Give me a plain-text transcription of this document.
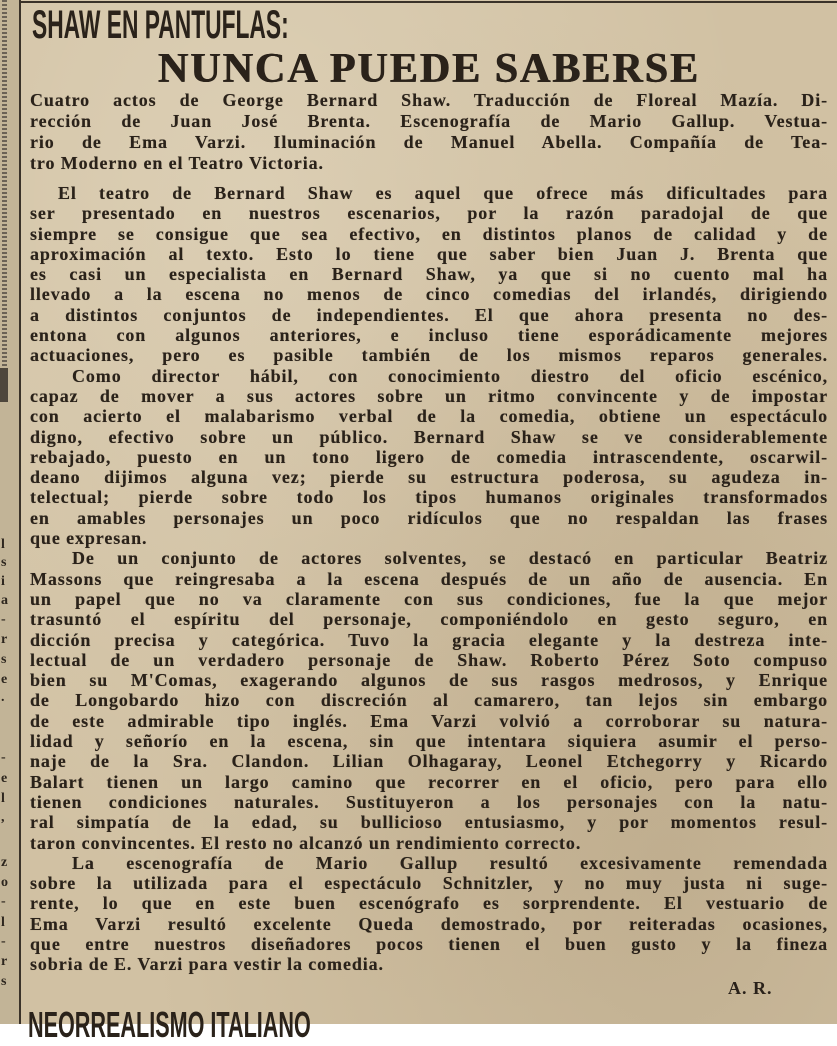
l
s
i
a
-
r
s
e
.
-
e
l
,
z
o
-
l
-
r
s
SHAW EN PANTUFLAS:
NUNCA PUEDE SABERSE
Cuatro actos de George Bernard Shaw. Traducción de Floreal Mazía. Di-
rección de Juan José Brenta. Escenografía de Mario Gallup. Vestua-
rio de Ema Varzi. Iluminación de Manuel Abella. Compañía de Tea-
tro Moderno en el Teatro Victoria.
El teatro de Bernard Shaw es aquel que ofrece más dificultades para
ser presentado en nuestros escenarios, por la razón paradojal de que
siempre se consigue que sea efectivo, en distintos planos de calidad y de
aproximación al texto. Esto lo tiene que saber bien Juan J. Brenta que
es casi un especialista en Bernard Shaw, ya que si no cuento mal ha
llevado a la escena no menos de cinco comedias del irlandés, dirigiendo
a distintos conjuntos de independientes. El que ahora presenta no des-
entona con algunos anteriores, e incluso tiene esporádicamente mejores
actuaciones, pero es pasible también de los mismos reparos generales.
Como director hábil, con conocimiento diestro del oficio escénico,
capaz de mover a sus actores sobre un ritmo convincente y de impostar
con acierto el malabarismo verbal de la comedia, obtiene un espectáculo
digno, efectivo sobre un público. Bernard Shaw se ve considerablemente
rebajado, puesto en un tono ligero de comedia intrascendente, oscarwil-
deano dijimos alguna vez; pierde su estructura poderosa, su agudeza in-
telectual; pierde sobre todo los tipos humanos originales transformados
en amables personajes un poco ridículos que no respaldan las frases
que expresan.
De un conjunto de actores solventes, se destacó en particular Beatriz
Massons que reingresaba a la escena después de un año de ausencia. En
un papel que no va claramente con sus condiciones, fue la que mejor
trasuntó el espíritu del personaje, componiéndolo en gesto seguro, en
dicción precisa y categórica. Tuvo la gracia elegante y la destreza inte-
lectual de un verdadero personaje de Shaw. Roberto Pérez Soto compuso
bien su M'Comas, exagerando algunos de sus rasgos medrosos, y Enrique
de Longobardo hizo con discreción al camarero, tan lejos sin embargo
de este admirable tipo inglés. Ema Varzi volvió a corroborar su natura-
lidad y señorío en la escena, sin que intentara siquiera asumir el perso-
naje de la Sra. Clandon. Lilian Olhagaray, Leonel Etchegorry y Ricardo
Balart tienen un largo camino que recorrer en el oficio, pero para ello
tienen condiciones naturales. Sustituyeron a los personajes con la natu-
ral simpatía de la edad, su bullicioso entusiasmo, y por momentos resul-
taron convincentes. El resto no alcanzó un rendimiento correcto.
La escenografía de Mario Gallup resultó excesivamente remendada
sobre la utilizada para el espectáculo Schnitzler, y no muy justa ni suge-
rente, lo que en este buen escenógrafo es sorprendente. El vestuario de
Ema Varzi resultó excelente Queda demostrado, por reiteradas ocasiones,
que entre nuestros diseñadores pocos tienen el buen gusto y la fineza
sobria de E. Varzi para vestir la comedia.
A. R.
NEORREALISMO ITALIANO
